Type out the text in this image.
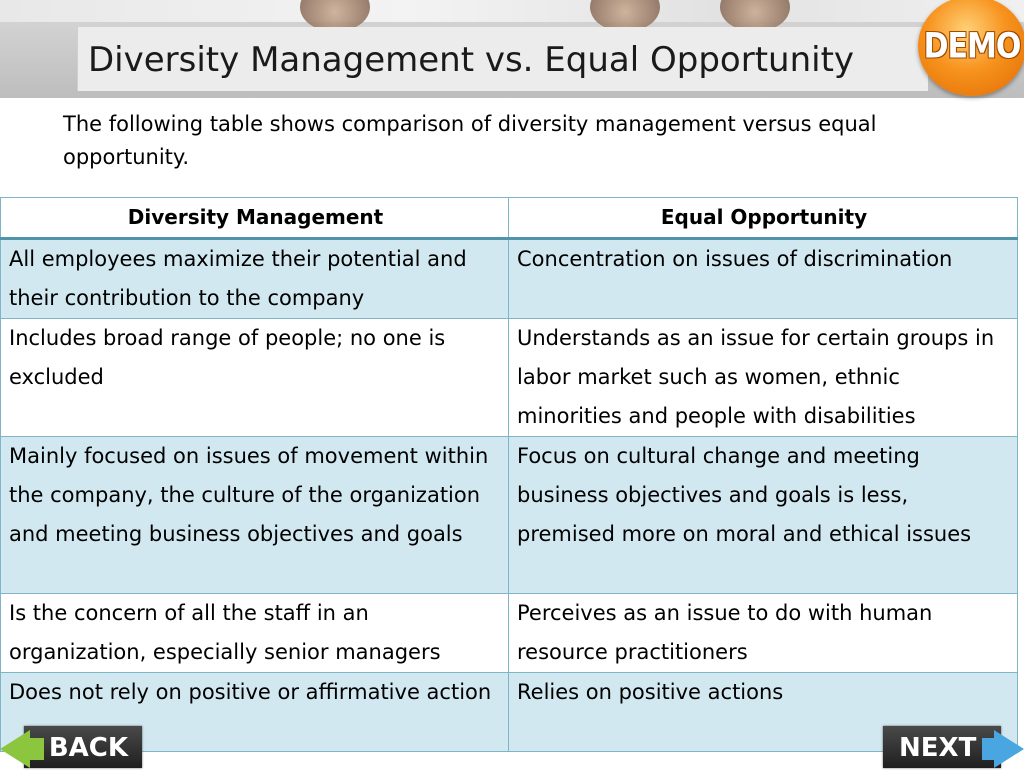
Diversity Management vs. Equal Opportunity DEMO

The following table shows comparison of diversity management versus equal opportunity.

Diversity Management	Equal Opportunity
All employees maximize their potential and their contribution to the company	Concentration on issues of discrimination
Includes broad range of people; no one is excluded	Understands as an issue for certain groups in labor market such as women, ethnic minorities and people with disabilities
Mainly focused on issues of movement within the company, the culture of the organization and meeting business objectives and goals	Focus on cultural change and meeting business objectives and goals is less, premised more on moral and ethical issues
Is the concern of all the staff in an organization, especially senior managers	Perceives as an issue to do with human resource practitioners
Does not rely on positive or affirmative action	Relies on positive actions
BACK	NEXT
